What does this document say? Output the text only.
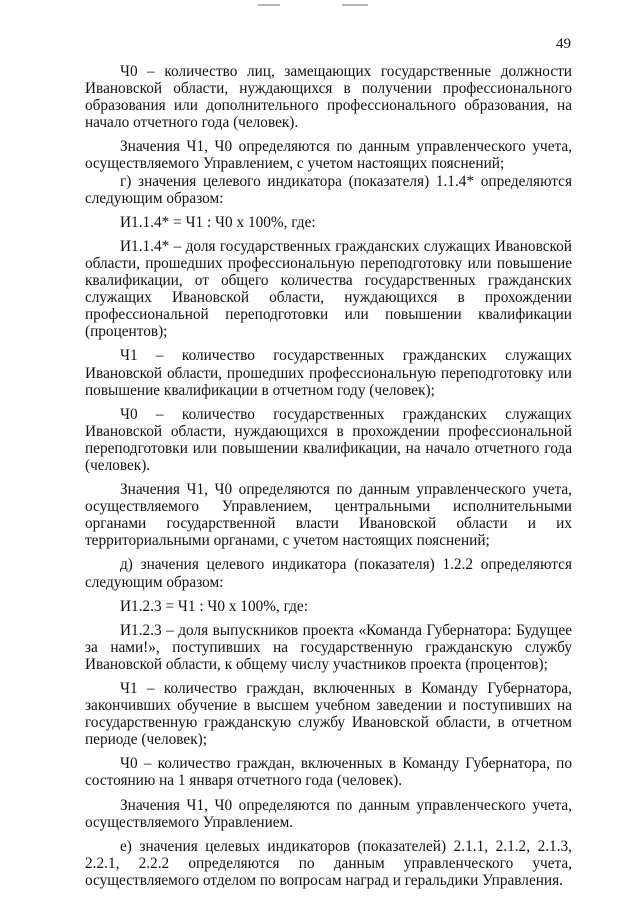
49

Ч0 – количество лиц, замещающих государственные должности Ивановской области, нуждающихся в получении профессионального образования или дополнительного профессионального образования, на начало отчетного года (человек).

Значения Ч1, Ч0 определяются по данным управленческого учета, осуществляемого Управлением, с учетом настоящих пояснений;

г) значения целевого индикатора (показателя) 1.1.4* определяются следующим образом:

И1.1.4* = Ч1 : Ч0 х 100%, где:

И1.1.4* – доля государственных гражданских служащих Ивановской области, прошедших профессиональную переподготовку или повышение квалификации, от общего количества государственных гражданских служащих Ивановской области, нуждающихся в прохождении профессиональной переподготовки или повышении квалификации (процентов);

Ч1 – количество государственных гражданских служащих Ивановской области, прошедших профессиональную переподготовку или повышение квалификации в отчетном году (человек);

Ч0 – количество государственных гражданских служащих Ивановской области, нуждающихся в прохождении профессиональной переподготовки или повышении квалификации, на начало отчетного года (человек).

Значения Ч1, Ч0 определяются по данным управленческого учета, осуществляемого Управлением, центральными исполнительными органами государственной власти Ивановской области и их территориальными органами, с учетом настоящих пояснений;

д) значения целевого индикатора (показателя) 1.2.2 определяются следующим образом:

И1.2.3 = Ч1 : Ч0 х 100%, где:

И1.2.3 – доля выпускников проекта «Команда Губернатора: Будущее за нами!», поступивших на государственную гражданскую службу Ивановской области, к общему числу участников проекта (процентов);

Ч1 – количество граждан, включенных в Команду Губернатора, закончивших обучение в высшем учебном заведении и поступивших на государственную гражданскую службу Ивановской области, в отчетном периоде (человек);

Ч0 – количество граждан, включенных в Команду Губернатора, по состоянию на 1 января отчетного года (человек).

Значения Ч1, Ч0 определяются по данным управленческого учета, осуществляемого Управлением.

е) значения целевых индикаторов (показателей) 2.1.1, 2.1.2, 2.1.3, 2.2.1, 2.2.2 определяются по данным управленческого учета, осуществляемого отделом по вопросам наград и геральдики Управления.
